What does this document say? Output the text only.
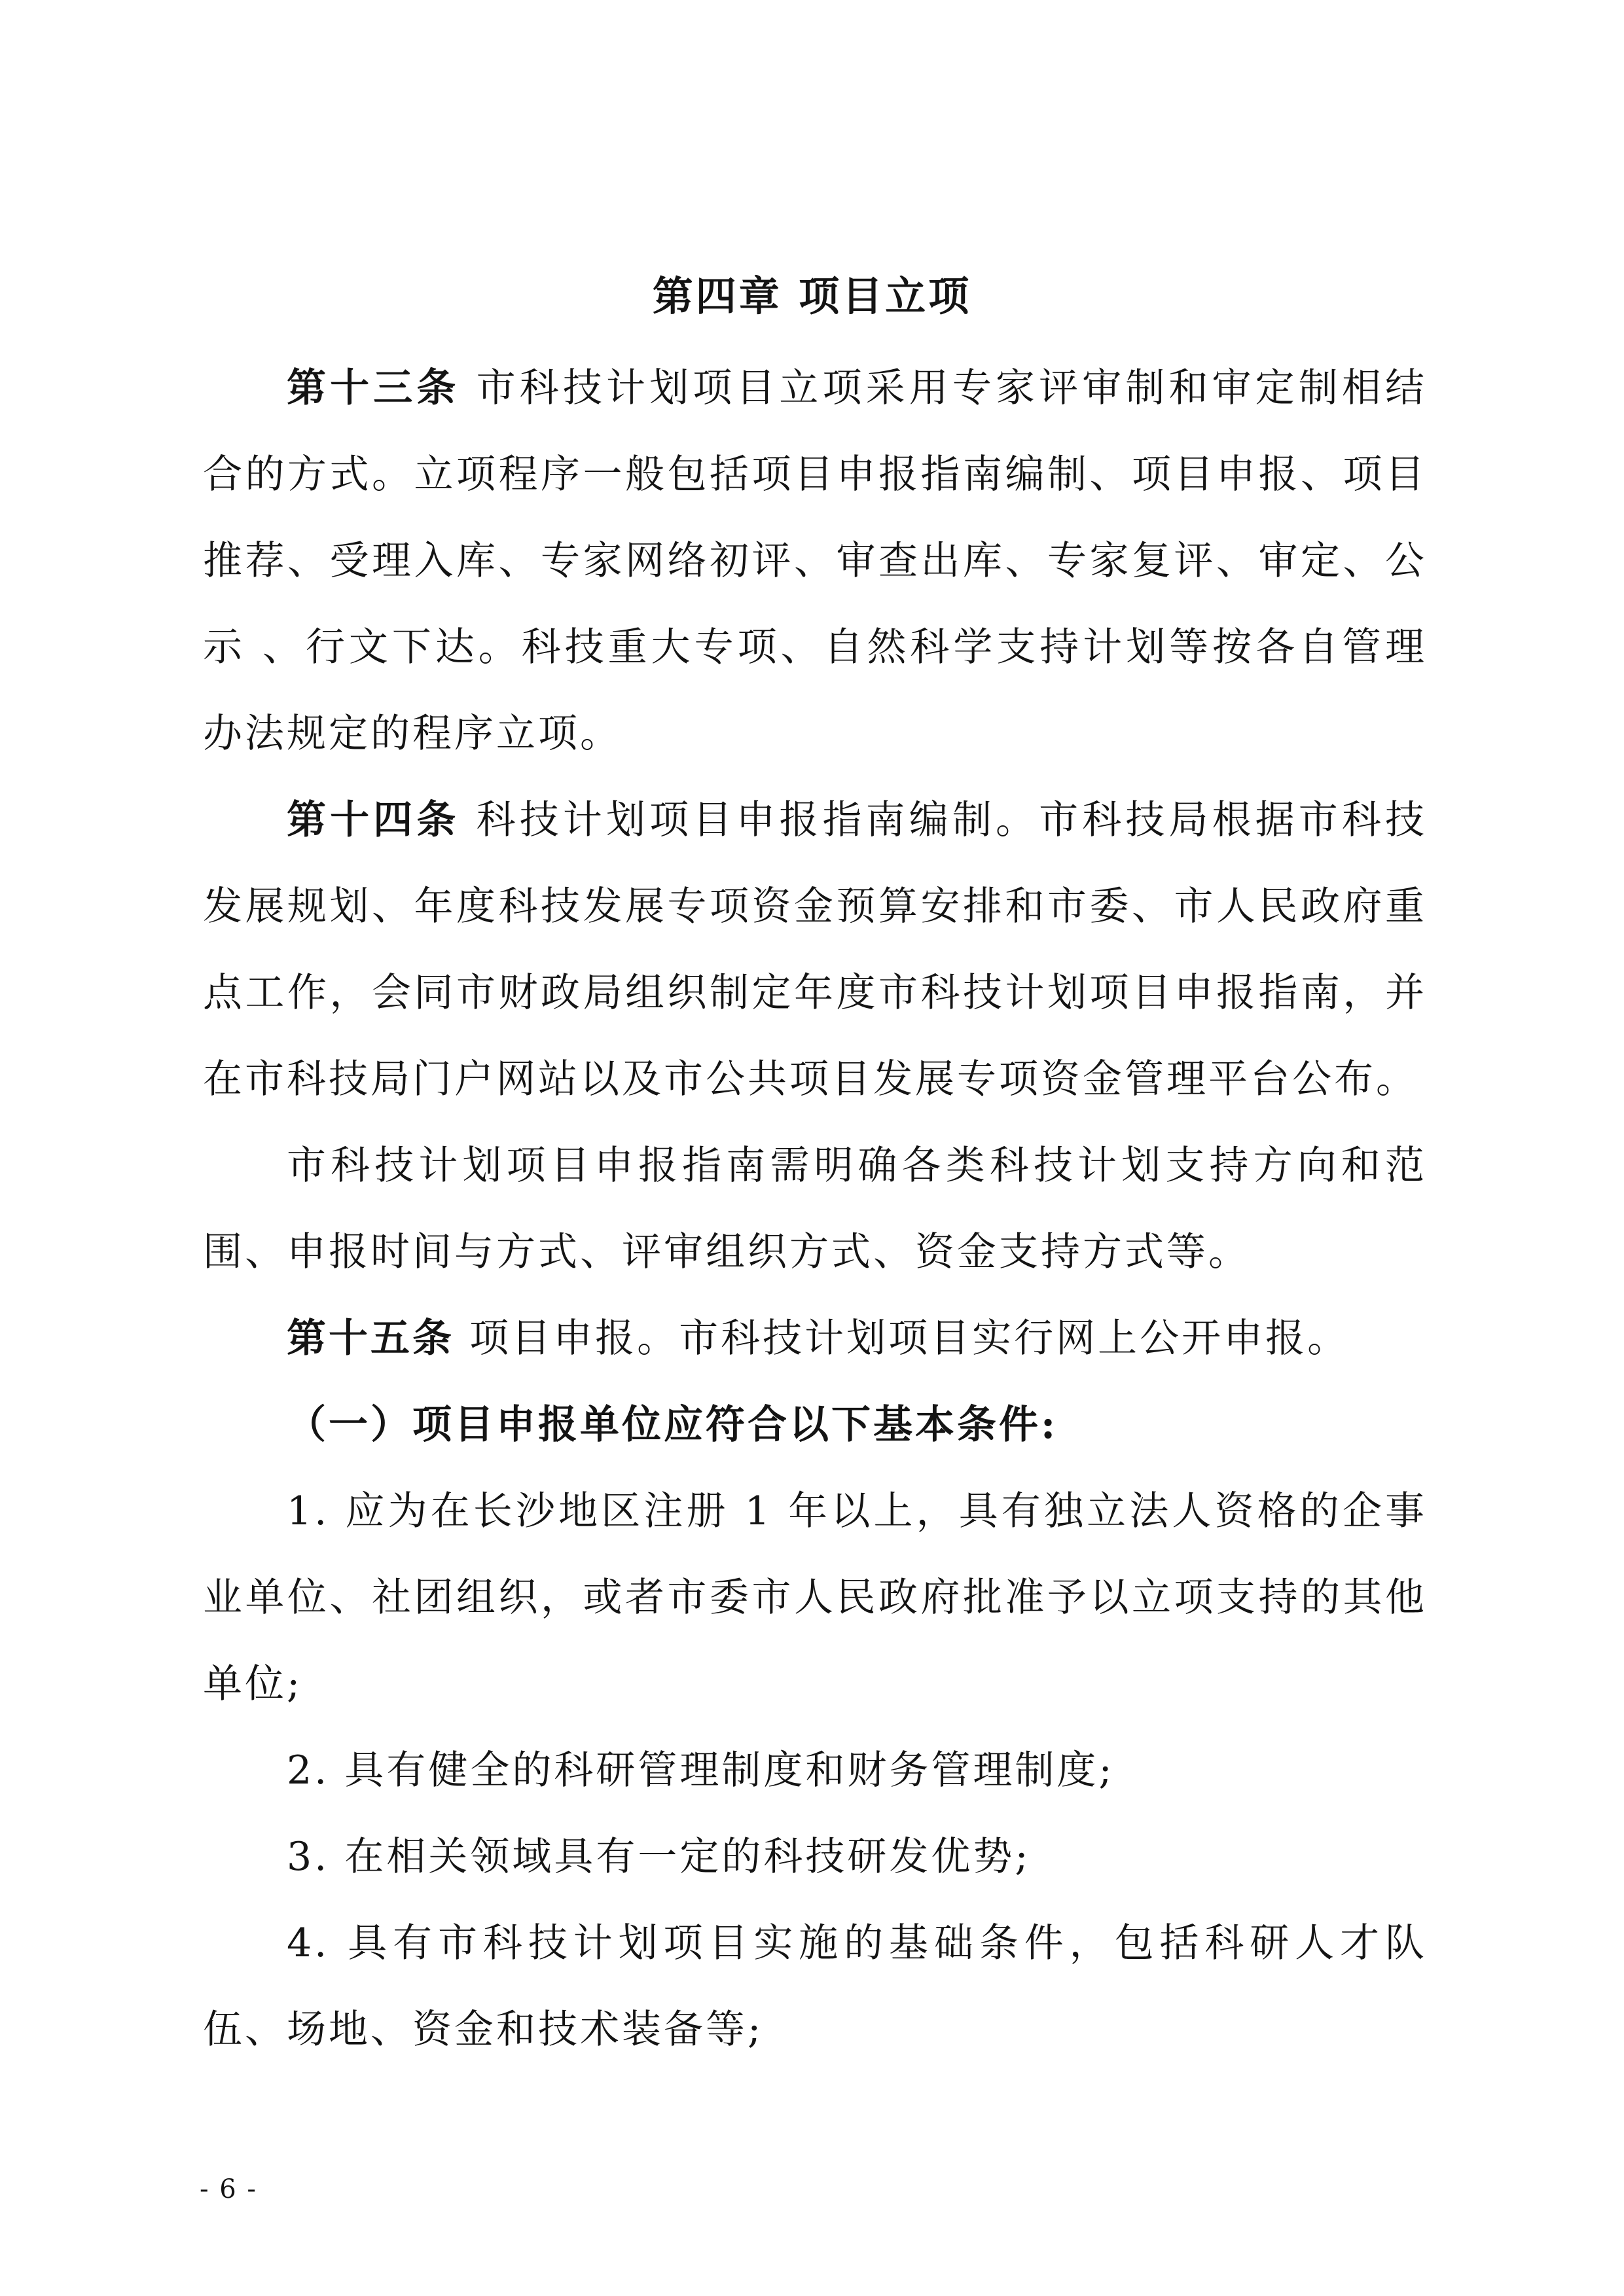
第四章 项目立项

第十三条 市科技计划项目立项采用专家评审制和审定制相结合的方式。立项程序一般包括项目申报指南编制、项目申报、项目推荐、受理入库、专家网络初评、审查出库、专家复评、审定、公示 、行文下达。科技重大专项、自然科学支持计划等按各自管理办法规定的程序立项。

第十四条 科技计划项目申报指南编制。市科技局根据市科技发展规划、年度科技发展专项资金预算安排和市委、市人民政府重点工作，会同市财政局组织制定年度市科技计划项目申报指南，并在市科技局门户网站以及市公共项目发展专项资金管理平台公布。

市科技计划项目申报指南需明确各类科技计划支持方向和范围、申报时间与方式、评审组织方式、资金支持方式等。

第十五条 项目申报。市科技计划项目实行网上公开申报。

（一）项目申报单位应符合以下基本条件:

1. 应为在长沙地区注册 1 年以上，具有独立法人资格的企事业单位、社团组织，或者市委市人民政府批准予以立项支持的其他单位;

2. 具有健全的科研管理制度和财务管理制度;

3. 在相关领域具有一定的科技研发优势;

4. 具有市科技计划项目实施的基础条件，包括科研人才队伍、场地、资金和技术装备等;

- 6 -
